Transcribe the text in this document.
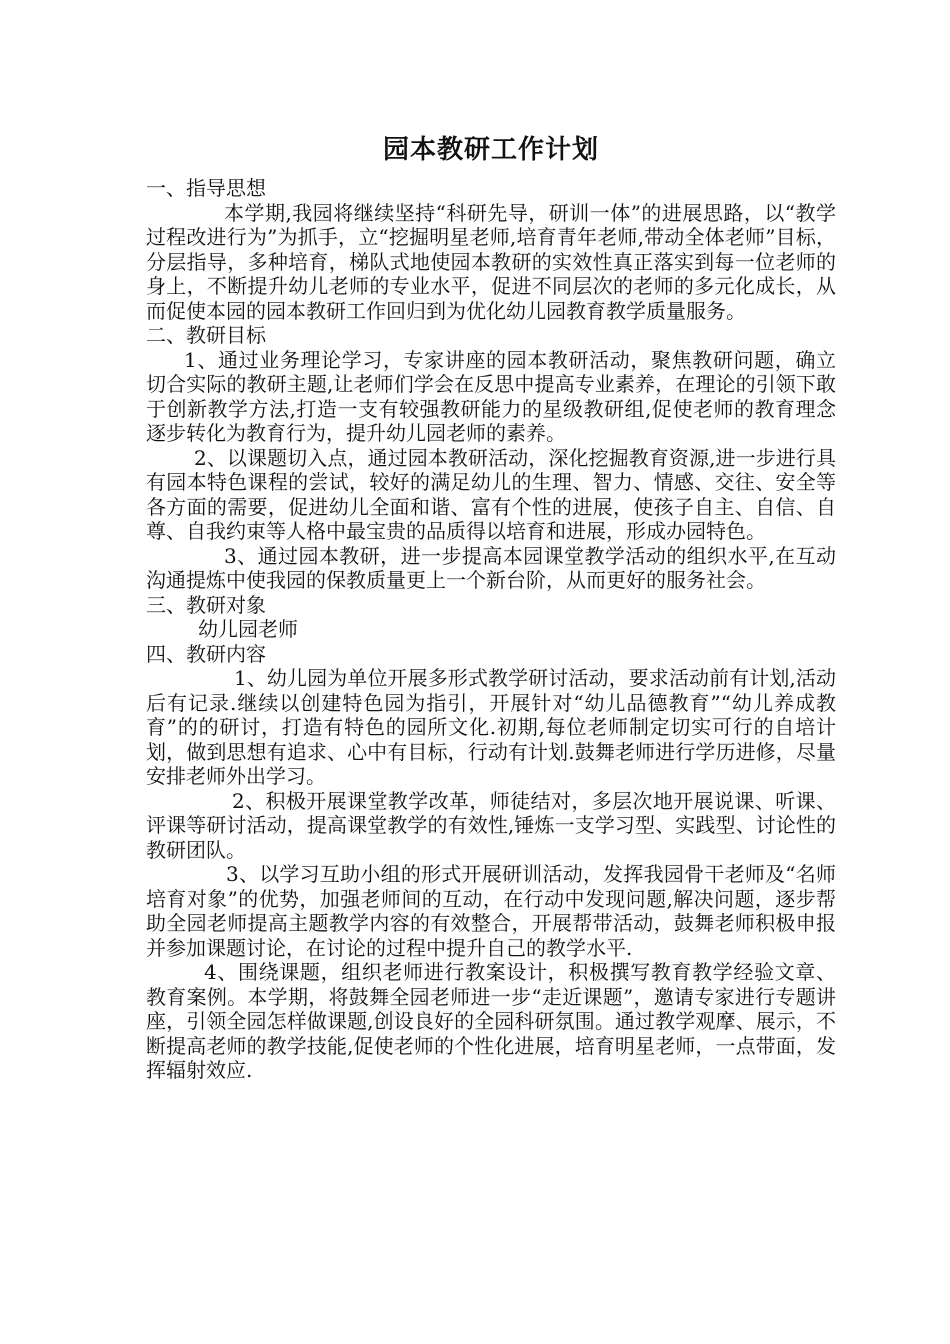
园本教研工作计划

一、指导思想

本学期,我园将继续坚持“科研先导，研训一体”的进展思路，以“教学过程改进行为”为抓手，立“挖掘明星老师,培育青年老师,带动全体老师”目标，分层指导，多种培育，梯队式地使园本教研的实效性真正落实到每一位老师的身上，不断提升幼儿老师的专业水平，促进不同层次的老师的多元化成长，从而促使本园的园本教研工作回归到为优化幼儿园教育教学质量服务。

二、教研目标

1、通过业务理论学习，专家讲座的园本教研活动，聚焦教研问题，确立切合实际的教研主题,让老师们学会在反思中提高专业素养，在理论的引领下敢于创新教学方法,打造一支有较强教研能力的星级教研组,促使老师的教育理念逐步转化为教育行为，提升幼儿园老师的素养。

2、以课题切入点，通过园本教研活动，深化挖掘教育资源,进一步进行具有园本特色课程的尝试，较好的满足幼儿的生理、智力、情感、交往、安全等各方面的需要，促进幼儿全面和谐、富有个性的进展，使孩子自主、自信、自尊、自我约束等人格中最宝贵的品质得以培育和进展，形成办园特色。

3、通过园本教研，进一步提高本园课堂教学活动的组织水平,在互动沟通提炼中使我园的保教质量更上一个新台阶，从而更好的服务社会。

三、教研对象

幼儿园老师

四、教研内容

1、幼儿园为单位开展多形式教学研讨活动，要求活动前有计划,活动后有记录.继续以创建特色园为指引，开展针对“幼儿品德教育”“幼儿养成教育”的的研讨，打造有特色的园所文化.初期,每位老师制定切实可行的自培计划，做到思想有追求、心中有目标，行动有计划.鼓舞老师进行学历进修，尽量安排老师外出学习。

2、积极开展课堂教学改革，师徒结对，多层次地开展说课、听课、评课等研讨活动，提高课堂教学的有效性,锤炼一支学习型、实践型、讨论性的教研团队。

3、以学习互助小组的形式开展研训活动，发挥我园骨干老师及“名师培育对象”的优势，加强老师间的互动，在行动中发现问题,解决问题，逐步帮助全园老师提高主题教学内容的有效整合，开展帮带活动，鼓舞老师积极申报并参加课题讨论，在讨论的过程中提升自己的教学水平.

4、围绕课题，组织老师进行教案设计，积极撰写教育教学经验文章、教育案例。本学期，将鼓舞全园老师进一步“走近课题”，邀请专家进行专题讲座，引领全园怎样做课题,创设良好的全园科研氛围。通过教学观摩、展示，不断提高老师的教学技能,促使老师的个性化进展，培育明星老师，一点带面，发挥辐射效应.
